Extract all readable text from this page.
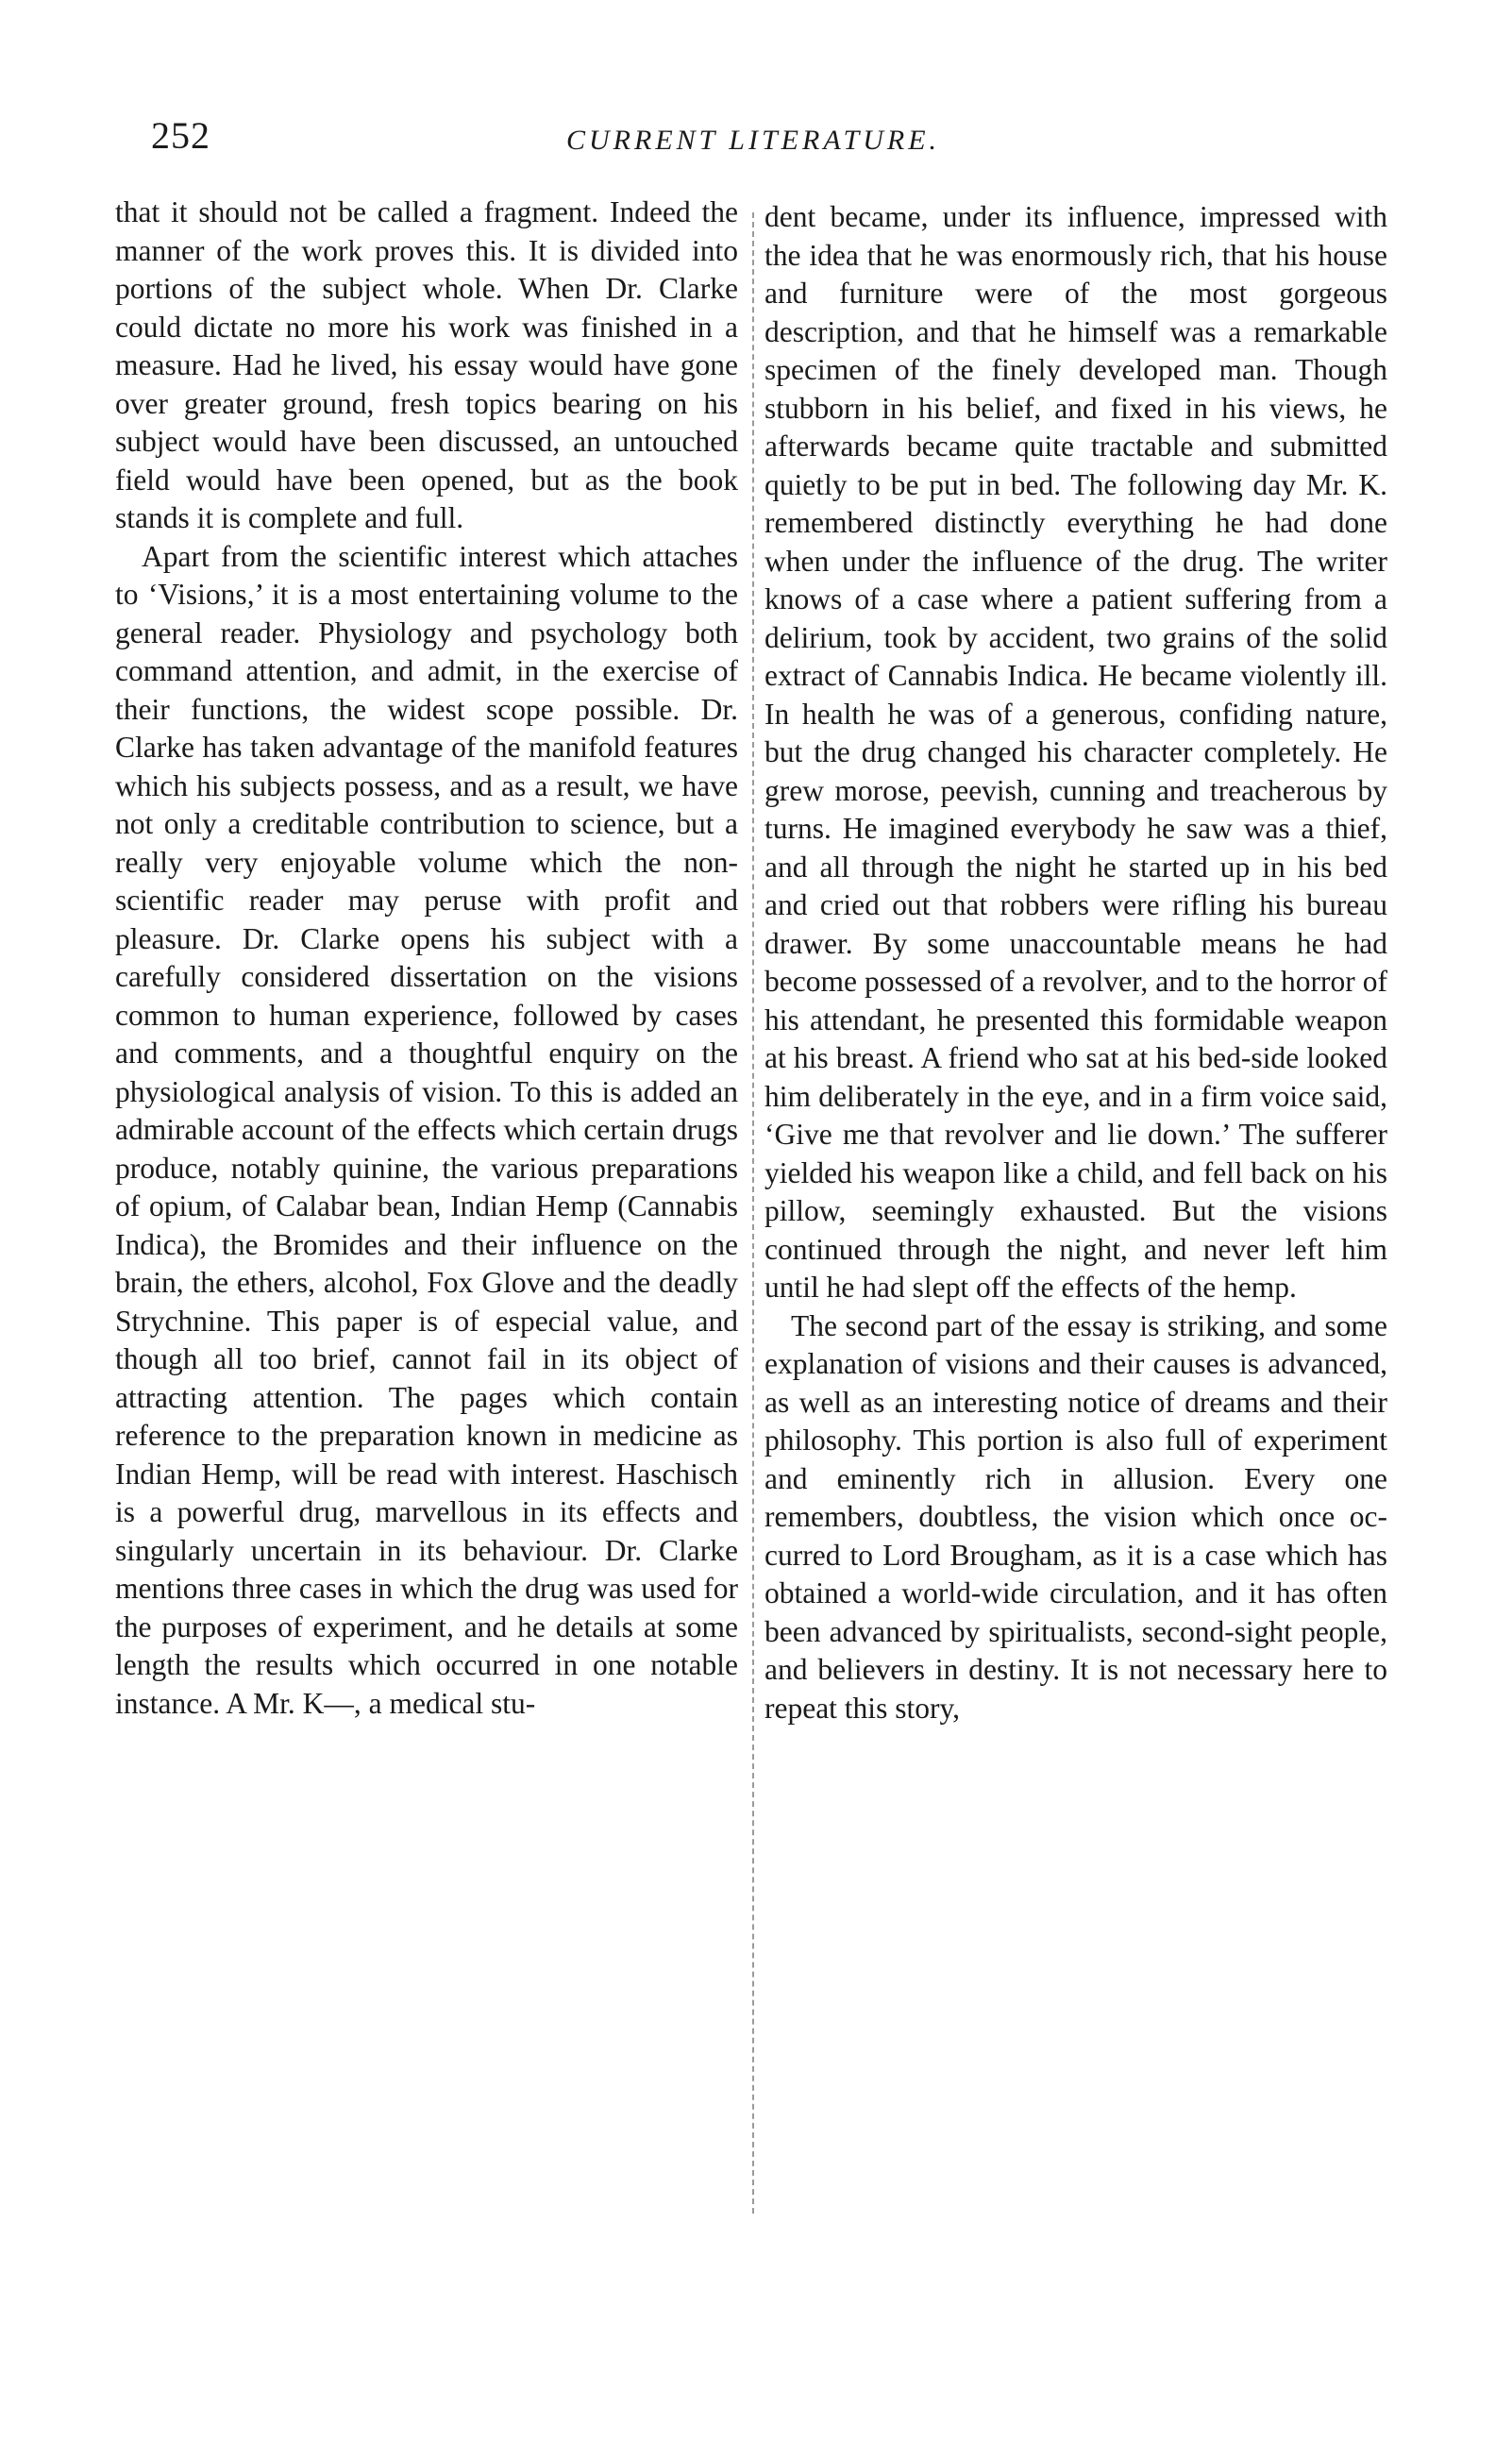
252	CURRENT LITERATURE.

that it should not be called a fragment. Indeed the manner of the work proves this. It is divided into portions of the subject whole. When Dr. Clarke could dictate no more his work was finished in a measure. Had he lived, his essay would have gone over greater ground, fresh topics bearing on his subject would have been discussed, an untouched field would have been opened, but as the book stands it is complete and full.

Apart from the scientific interest which attaches to ‘Visions,’ it is a most entertaining volume to the general reader. Physiology and psychology both command attention, and admit, in the exercise of their functions, the widest scope possible. Dr. Clarke has taken advantage of the manifold features which his subjects possess, and as a result, we have not only a creditable contribution to science, but a really very enjoyable volume which the non-scientific reader may peruse with profit and pleasure. Dr. Clarke opens his subject with a carefully considered dissertation on the visions common to human experience, followed by cases and comments, and a thoughtful enquiry on the physiological analysis of vision. To this is added an admirable account of the effects which certain drugs produce, notably quinine, the various preparations of opium, of Calabar bean, Indian Hemp (Cannabis Indica), the Bromides and their influence on the brain, the ethers, alcohol, Fox Glove and the deadly Strychnine. This paper is of especial value, and though all too brief, cannot fail in its object of attracting attention. The pages which contain reference to the preparation known in medicine as Indian Hemp, will be read with interest. Haschisch is a powerful drug, marvellous in its effects and singularly uncertain in its behaviour. Dr. Clarke mentions three cases in which the drug was used for the purposes of experiment, and he details at some length the results which occurred in one notable instance. A Mr. K—, a medical stu-

dent became, under its influence, impressed with the idea that he was enormously rich, that his house and furniture were of the most gorgeous description, and that he himself was a remarkable specimen of the finely developed man. Though stubborn in his belief, and fixed in his views, he afterwards became quite tractable and submitted quietly to be put in bed. The following day Mr. K. remembered distinctly everything he had done when under the influence of the drug. The writer knows of a case where a patient suffering from a delirium, took by accident, two grains of the solid extract of Cannabis Indica. He became violently ill. In health he was of a generous, confiding nature, but the drug changed his character completely. He grew morose, peevish, cunning and treacherous by turns. He imagined everybody he saw was a thief, and all through the night he started up in his bed and cried out that robbers were rifling his bureau drawer. By some unaccountable means he had become possessed of a revolver, and to the horror of his attendant, he presented this formidable weapon at his breast. A friend who sat at his bed-side looked him deliberately in the eye, and in a firm voice said, ‘Give me that revolver and lie down.’ The sufferer yielded his weapon like a child, and fell back on his pillow, seemingly exhausted. But the visions continued through the night, and never left him until he had slept off the effects of the hemp.

The second part of the essay is striking, and some explanation of visions and their causes is advanced, as well as an interesting notice of dreams and their philosophy. This portion is also full of experiment and eminently rich in allusion. Every one remembers, doubtless, the vision which once occurred to Lord Brougham, as it is a case which has obtained a world-wide circulation, and it has often been advanced by spiritualists, second-sight people, and believers in destiny. It is not necessary here to repeat this story,
